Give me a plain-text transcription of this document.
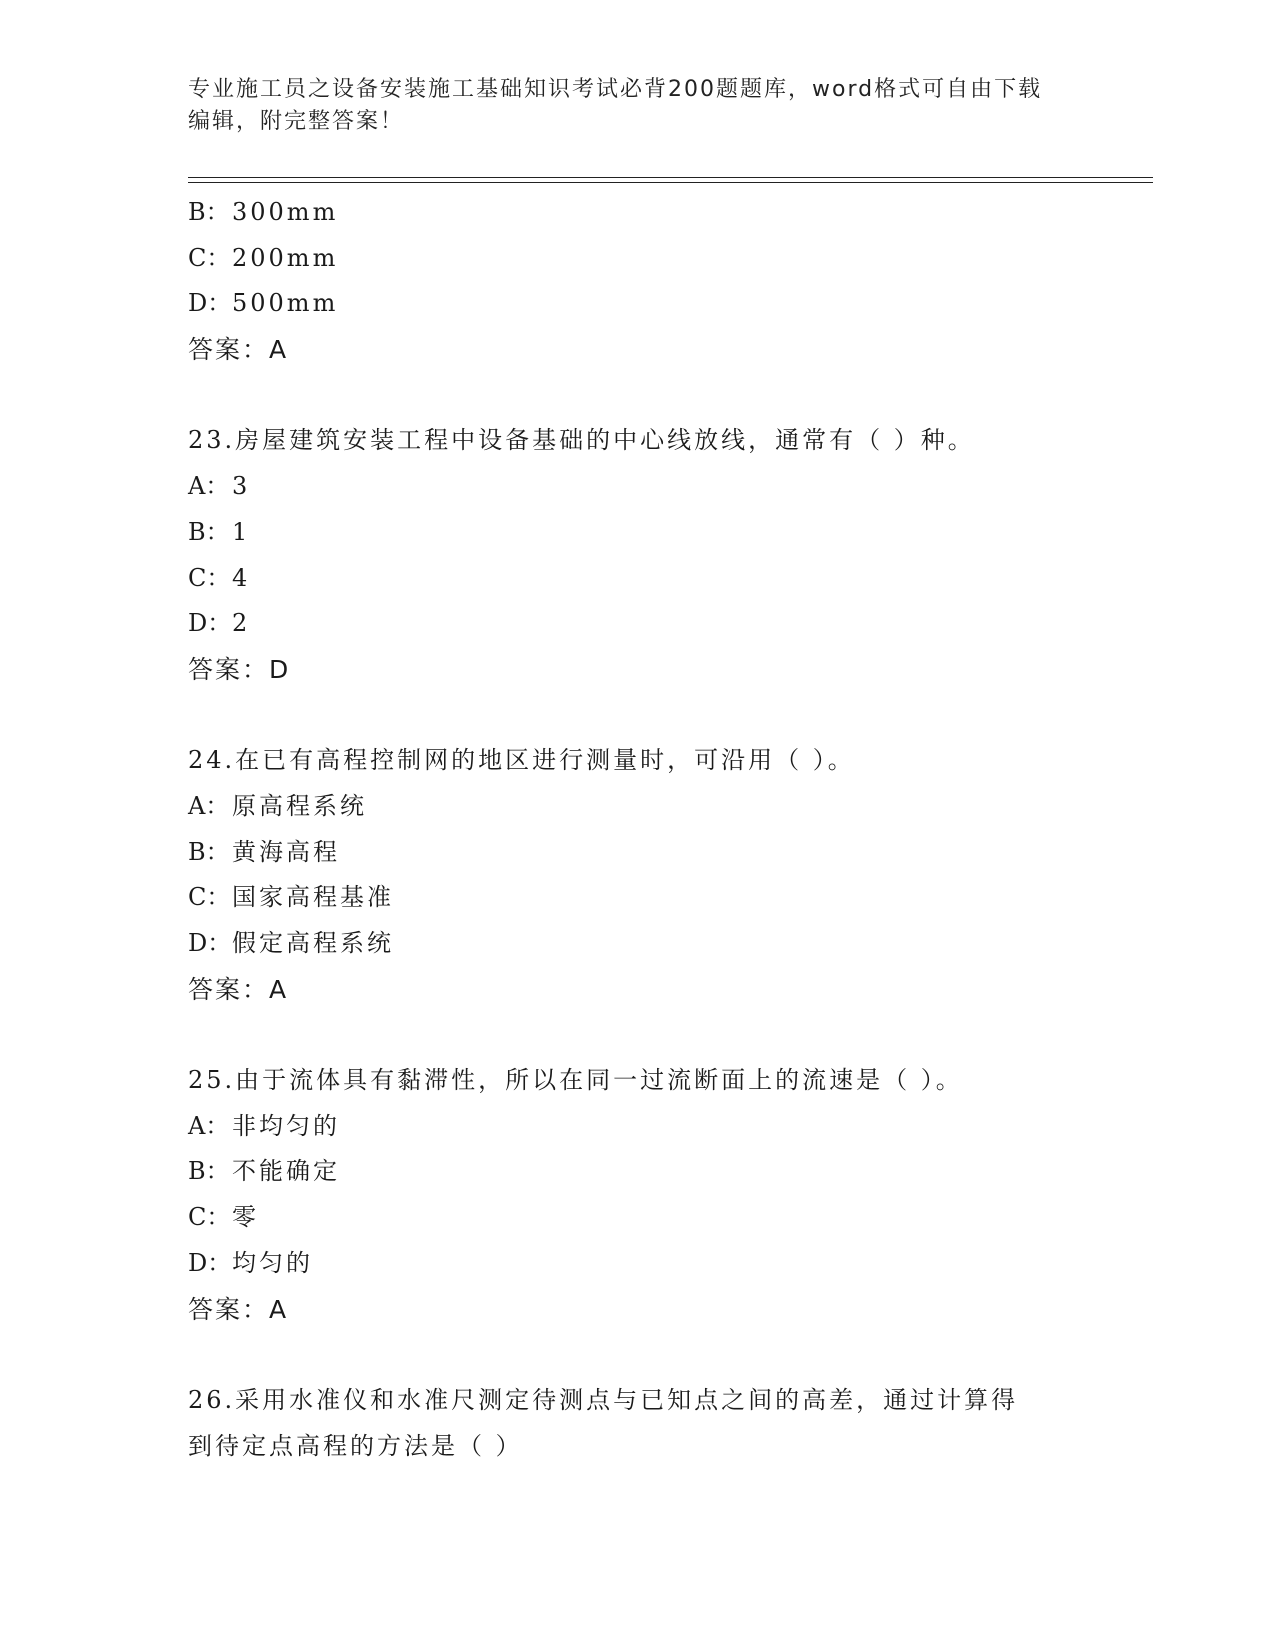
专业施工员之设备安装施工基础知识考试必背200题题库，word格式可自由下载
编辑，附完整答案！
B：300mm
C：200mm
D：500mm
答案：A
23.房屋建筑安装工程中设备基础的中心线放线，通常有（ ）种。
A： 3
B：1
C：4
D：2
答案：D
24.在已有高程控制网的地区进行测量时，可沿用（ ）。
A： 原高程系统
B：黄海高程
C：国家高程基准
D：假定高程系统
答案：A
25.由于流体具有黏滞性，所以在同一过流断面上的流速是（ ）。
A： 非均匀的
B：不能确定
C：零
D：均匀的
答案：A
26.采用水准仪和水准尺测定待测点与已知点之间的高差，通过计算得
到待定点高程的方法是（ ）
